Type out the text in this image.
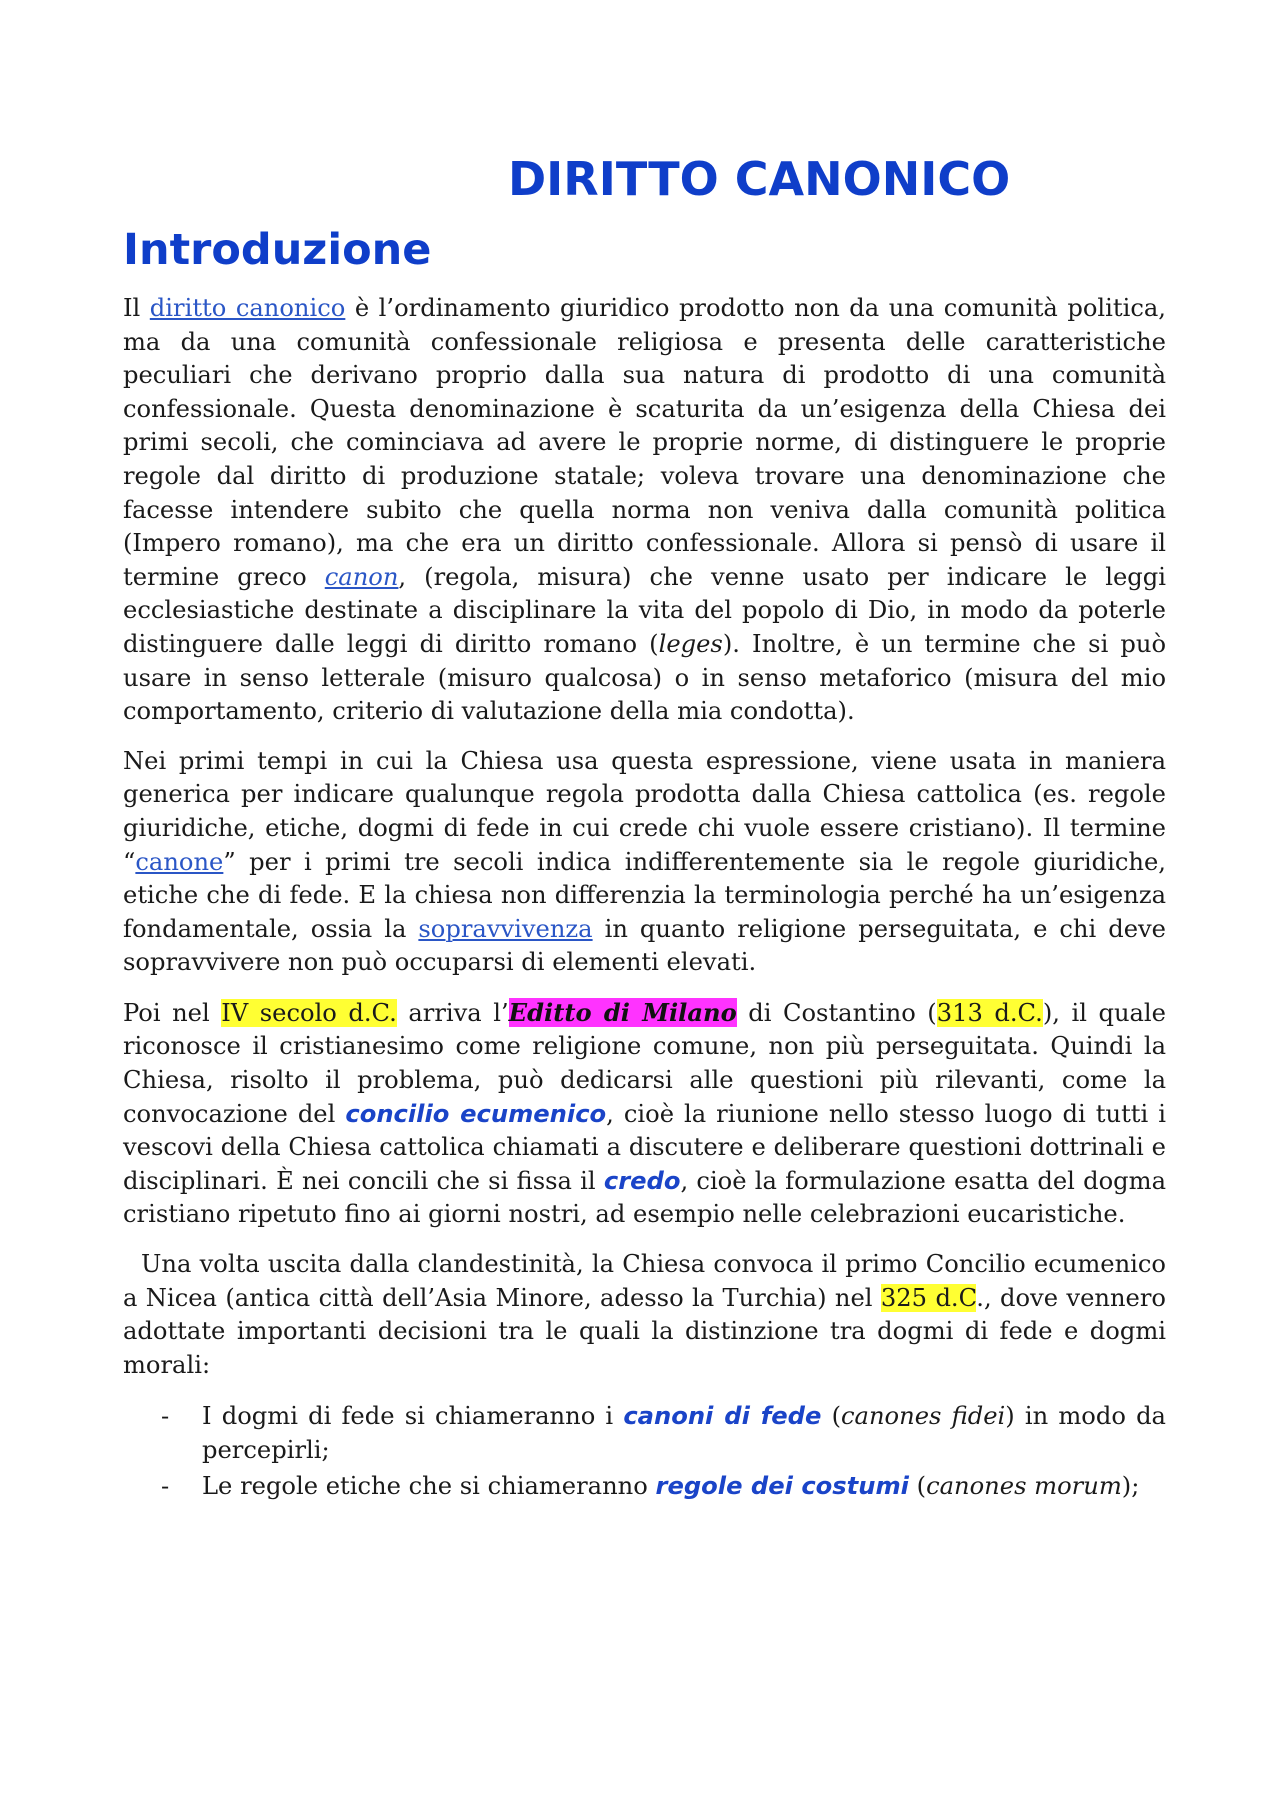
DIRITTO CANONICO
Introduzione

Il diritto canonico è l’ordinamento giuridico prodotto non da una comunità politica, ma da una comunità confessionale religiosa e presenta delle caratteristiche peculiari che derivano proprio dalla sua natura di prodotto di una comunità confessionale. Questa denominazione è scaturita da un’esigenza della Chiesa dei primi secoli, che cominciava ad avere le proprie norme, di distinguere le proprie regole dal diritto di produzione statale; voleva trovare una denominazione che facesse intendere subito che quella norma non veniva dalla comunità politica (Impero romano), ma che era un diritto confessionale. Allora si pensò di usare il termine greco canon, (regola, misura) che venne usato per indicare le leggi ecclesiastiche destinate a disciplinare la vita del popolo di Dio, in modo da poterle distinguere dalle leggi di diritto romano (leges). Inoltre, è un termine che si può usare in senso letterale (misuro qualcosa) o in senso metaforico (misura del mio comportamento, criterio di valutazione della mia condotta).

Nei primi tempi in cui la Chiesa usa questa espressione, viene usata in maniera generica per indicare qualunque regola prodotta dalla Chiesa cattolica (es. regole giuridiche, etiche, dogmi di fede in cui crede chi vuole essere cristiano). Il termine “canone” per i primi tre secoli indica indifferentemente sia le regole giuridiche, etiche che di fede. E la chiesa non differenzia la terminologia perché ha un’esigenza fondamentale, ossia la sopravvivenza in quanto religione perseguitata, e chi deve sopravvivere non può occuparsi di elementi elevati.

Poi nel IV secolo d.C. arriva l’Editto di Milano di Costantino (313 d.C.), il quale riconosce il cristianesimo come religione comune, non più perseguitata. Quindi la Chiesa, risolto il problema, può dedicarsi alle questioni più rilevanti, come la convocazione del concilio ecumenico, cioè la riunione nello stesso luogo di tutti i vescovi della Chiesa cattolica chiamati a discutere e deliberare questioni dottrinali e disciplinari. È nei concili che si fissa il credo, cioè la formulazione esatta del dogma cristiano ripetuto fino ai giorni nostri, ad esempio nelle celebrazioni eucaristiche.

Una volta uscita dalla clandestinità, la Chiesa convoca il primo Concilio ecumenico a Nicea (antica città dell’Asia Minore, adesso la Turchia) nel 325 d.C., dove vennero adottate importanti decisioni tra le quali la distinzione tra dogmi di fede e dogmi morali:

- I dogmi di fede si chiameranno i canoni di fede (canones fidei) in modo da percepirli;
- Le regole etiche che si chiameranno regole dei costumi (canones morum);
